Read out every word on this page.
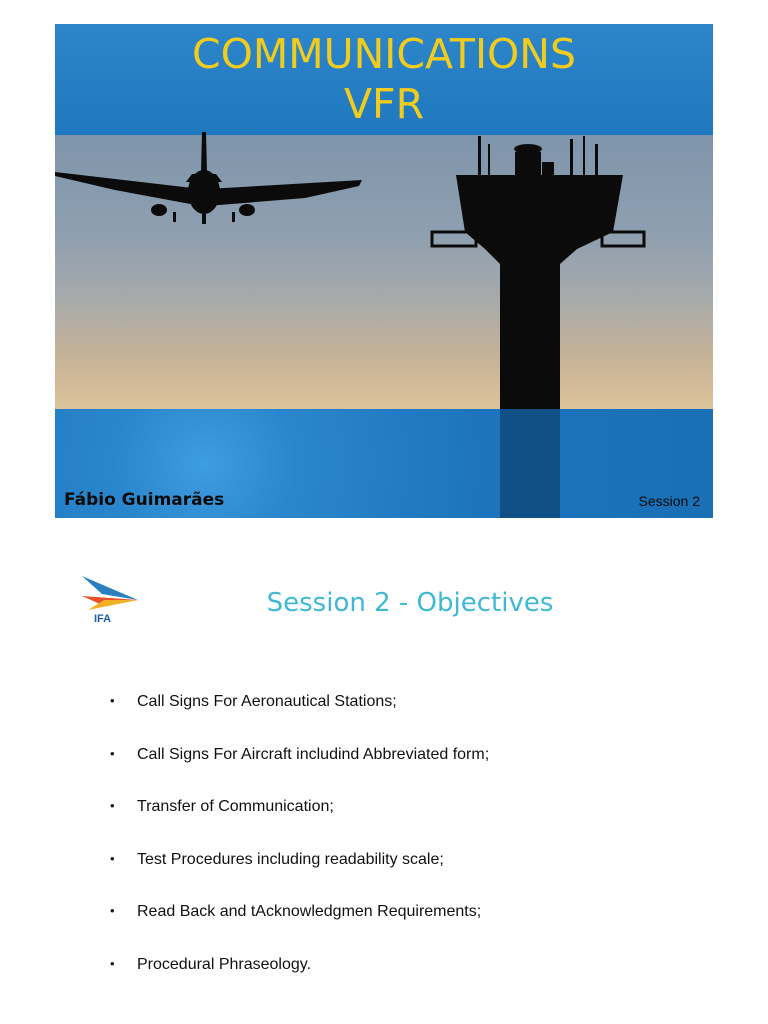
COMMUNICATIONS
VFR
Fábio Guimarães	Session 2
IFA
Session 2 - Objectives
• Call Signs For Aeronautical Stations;
• Call Signs For Aircraft includind Abbreviated form;
• Transfer of Communication;
• Test Procedures including readability scale;
• Read Back and tAcknowledgmen Requirements;
• Procedural Phraseology.
